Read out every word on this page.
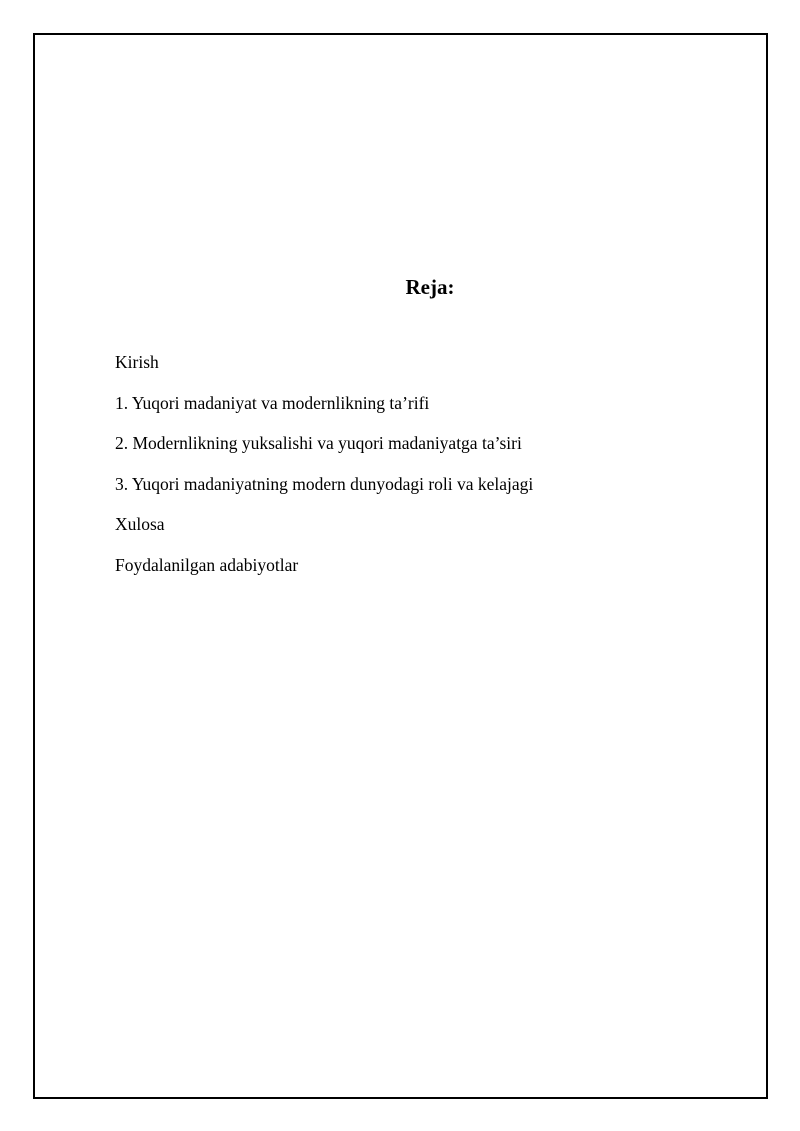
Reja:
Kirish
1. Yuqori madaniyat va modernlikning ta’rifi
2. Modernlikning yuksalishi va yuqori madaniyatga ta’siri
3. Yuqori madaniyatning modern dunyodagi roli va kelajagi
Xulosa
Foydalanilgan adabiyotlar
